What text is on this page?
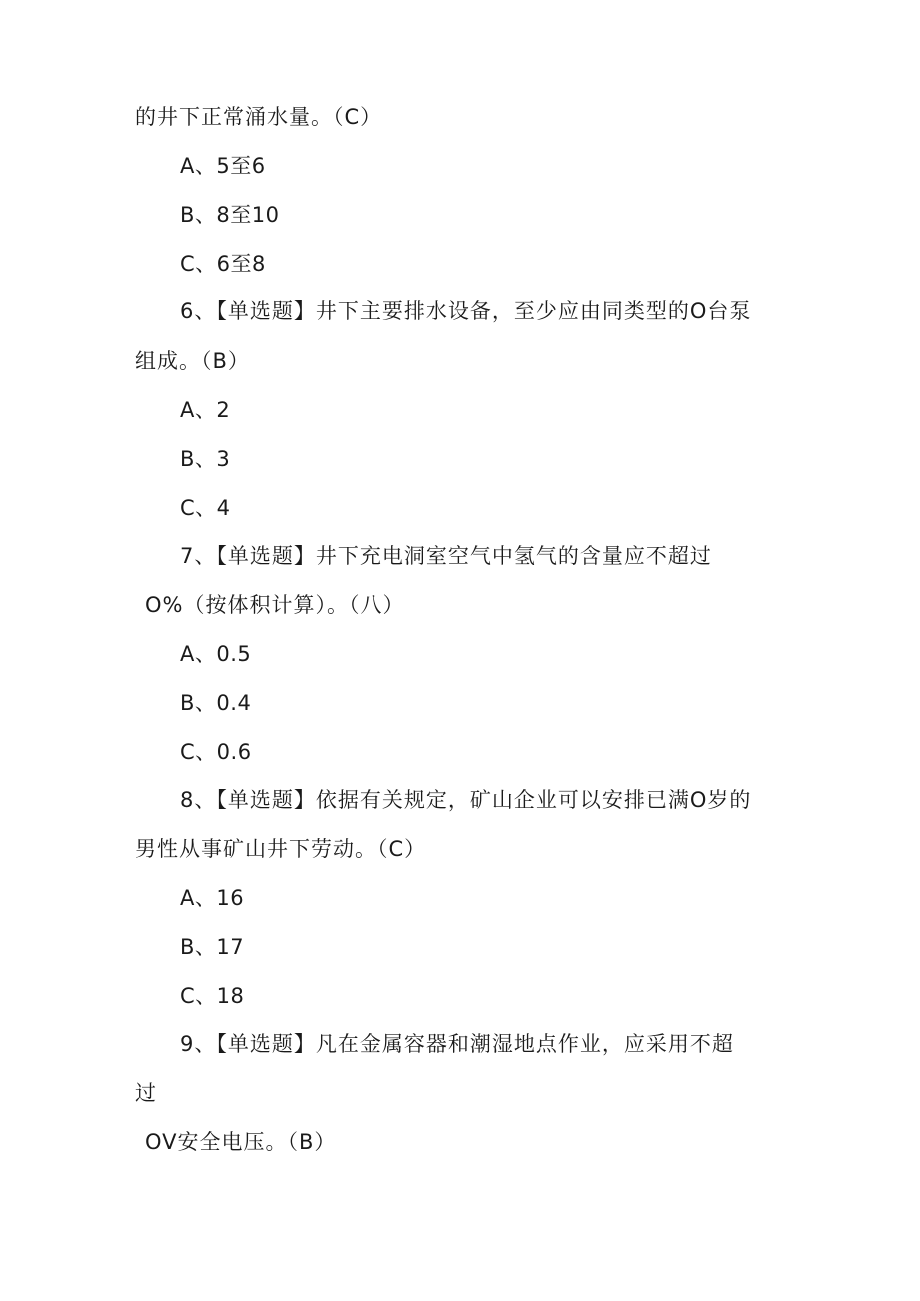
的井下正常涌水量。（C）
A、5至6
B、8至10
C、6至8
6、【单选题】井下主要排水设备，至少应由同类型的O台泵
组成。（B）
A、2
B、3
C、4
7、【单选题】井下充电洞室空气中氢气的含量应不超过
O%（按体积计算）。（八）
A、0.5
B、0.4
C、0.6
8、【单选题】依据有关规定，矿山企业可以安排已满O岁的
男性从事矿山井下劳动。（C）
A、16
B、17
C、18
9、【单选题】凡在金属容器和潮湿地点作业，应采用不超
过
OV安全电压。（B）
